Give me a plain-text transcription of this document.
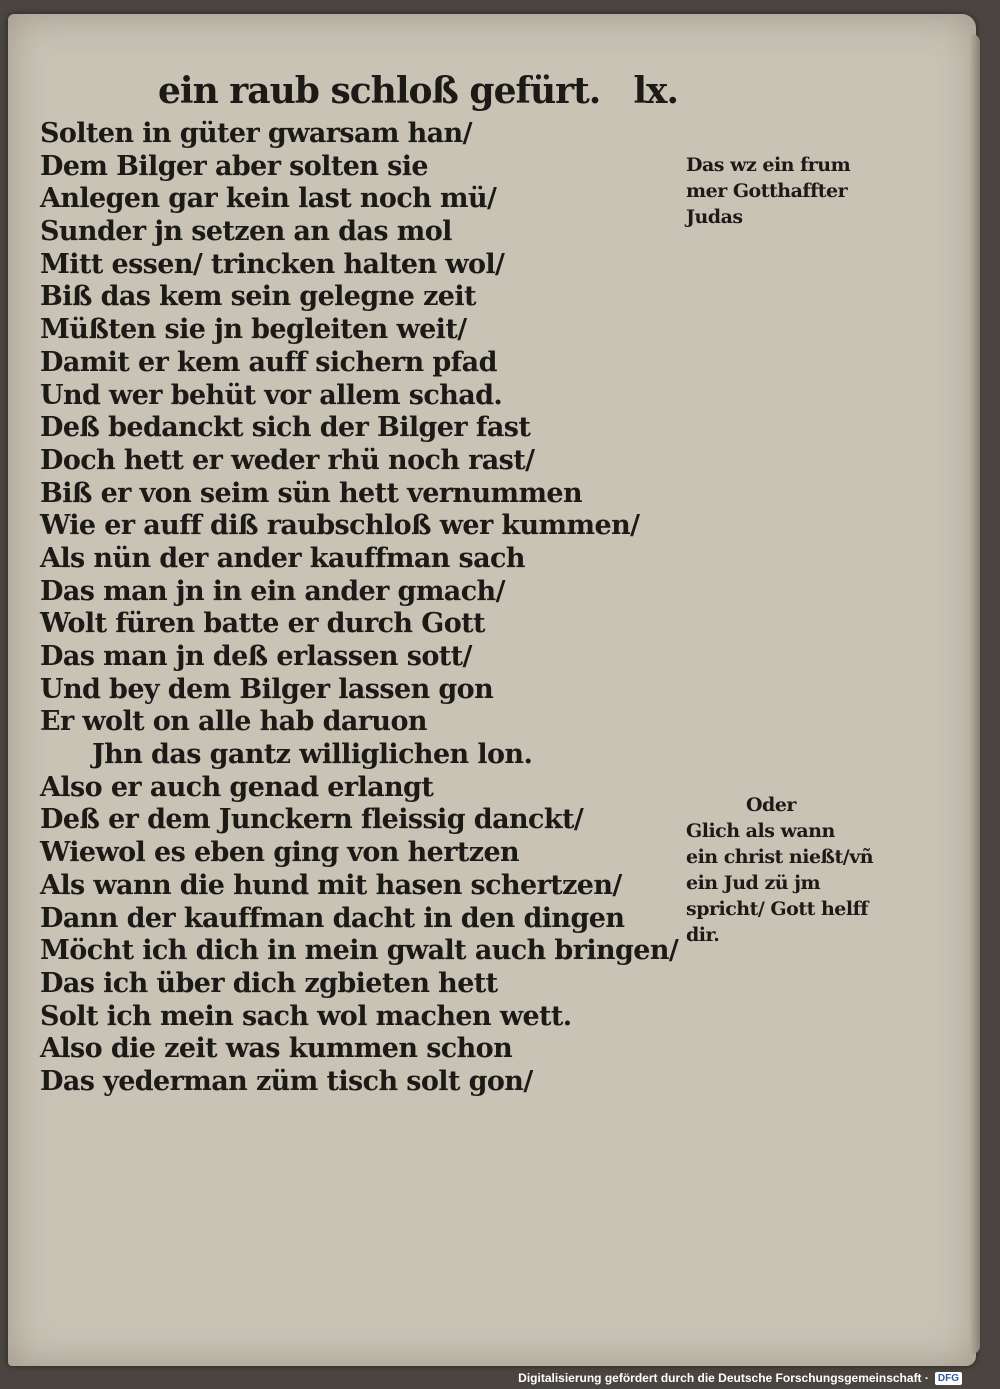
ein raub schloß gefürt. lx.
Solten in güter gwarsam han/
Dem Bilger aber solten sie
Anlegen gar kein last noch mü/
Sunder jn setzen an das mol
Mitt essen/ trincken halten wol/
Biß das kem sein gelegne zeit
Müßten sie jn begleiten weit/
Damit er kem auff sichern pfad
Und wer behüt vor allem schad.
Deß bedanckt sich der Bilger fast
Doch hett er weder rhü noch rast/
Biß er von seim sün hett vernummen
Wie er auff diß raubschloß wer kummen/
Als nün der ander kauffman sach
Das man jn in ein ander gmach/
Wolt füren batte er durch Gott
Das man jn deß erlassen sott/
Und bey dem Bilger lassen gon
Er wolt on alle hab daruon
Jhn das gantz williglichen lon.
Also er auch genad erlangt
Deß er dem Junckern fleissig danckt/
Wiewol es eben ging von hertzen
Als wann die hund mit hasen schertzen/
Dann der kauffman dacht in den dingen
Möcht ich dich in mein gwalt auch bringen/
Das ich über dich zgbieten hett
Solt ich mein sach wol machen wett.
Also die zeit was kummen schon
Das yederman züm tisch solt gon/
Das wz ein frum
mer Gotthaffter
Judas
Oder
Glich als wann
ein christ nießt/vñ
ein Jud zü jm
spricht/ Gott helff
dir.
Digitalisierung gefördert durch die Deutsche Forschungsgemeinschaft · DFG
